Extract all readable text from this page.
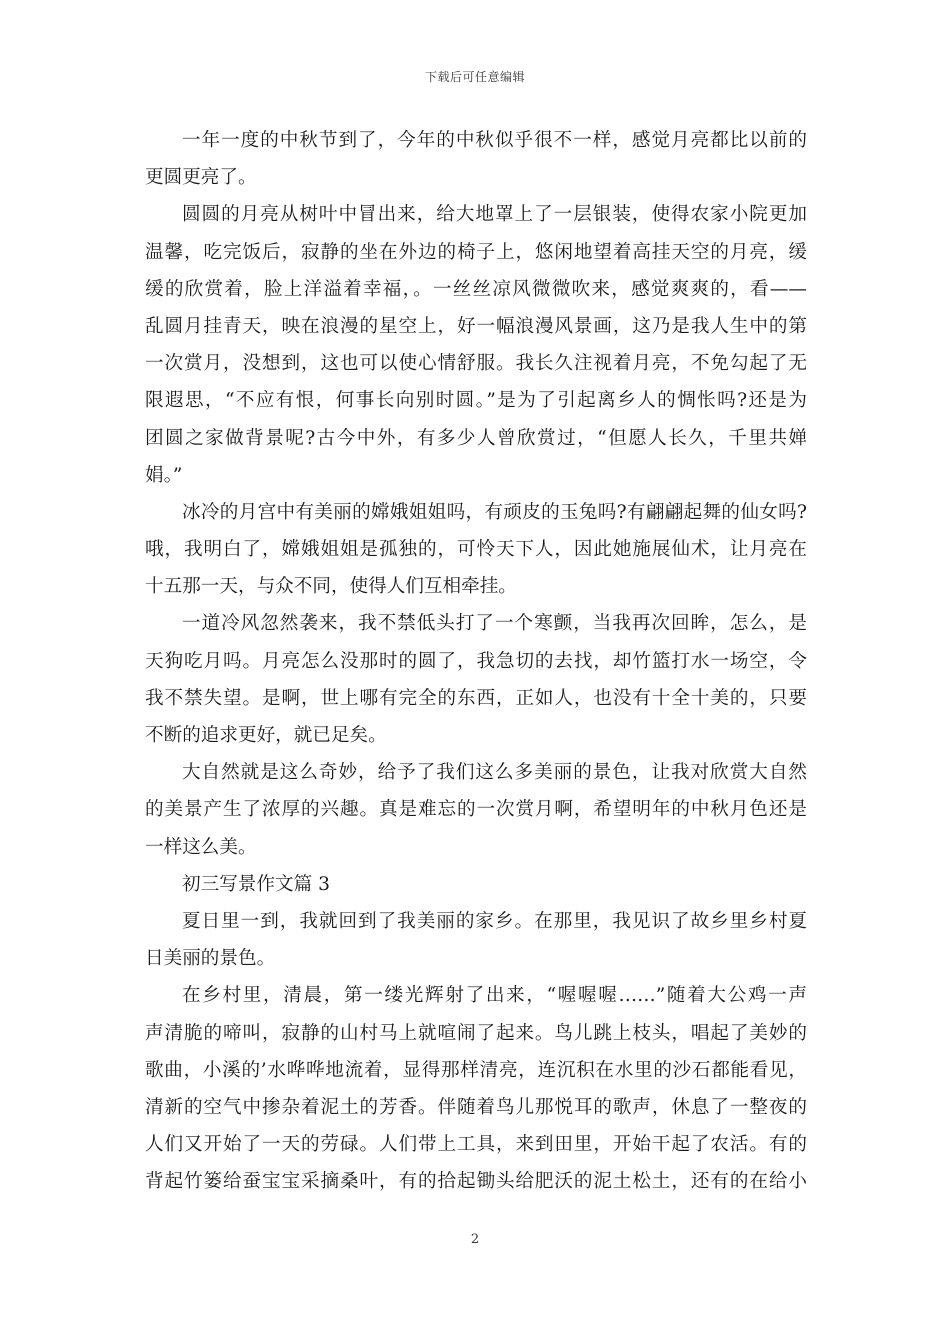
下载后可任意编辑
一年一度的中秋节到了，今年的中秋似乎很不一样，感觉月亮都比以前的
更圆更亮了。
圆圆的月亮从树叶中冒出来，给大地罩上了一层银装，使得农家小院更加
温馨，吃完饭后，寂静的坐在外边的椅子上，悠闲地望着高挂天空的月亮，缓
缓的欣赏着，脸上洋溢着幸福，。一丝丝凉风微微吹来，感觉爽爽的，看——
乱圆月挂青天，映在浪漫的星空上，好一幅浪漫风景画，这乃是我人生中的第
一次赏月，没想到，这也可以使心情舒服。我长久注视着月亮，不免勾起了无
限遐思，“不应有恨，何事长向别时圆。”是为了引起离乡人的惆怅吗?还是为
团圆之家做背景呢?古今中外，有多少人曾欣赏过，“但愿人长久，千里共婵
娟。”
冰冷的月宫中有美丽的嫦娥姐姐吗，有顽皮的玉兔吗?有翩翩起舞的仙女吗?
哦，我明白了，嫦娥姐姐是孤独的，可怜天下人，因此她施展仙术，让月亮在
十五那一天，与众不同，使得人们互相牵挂。
一道冷风忽然袭来，我不禁低头打了一个寒颤，当我再次回眸，怎么，是
天狗吃月吗。月亮怎么没那时的圆了，我急切的去找，却竹篮打水一场空，令
我不禁失望。是啊，世上哪有完全的东西，正如人，也没有十全十美的，只要
不断的追求更好，就已足矣。
大自然就是这么奇妙，给予了我们这么多美丽的景色，让我对欣赏大自然
的美景产生了浓厚的兴趣。真是难忘的一次赏月啊，希望明年的中秋月色还是
一样这么美。
初三写景作文篇 3
夏日里一到，我就回到了我美丽的家乡。在那里，我见识了故乡里乡村夏
日美丽的景色。
在乡村里，清晨，第一缕光辉射了出来，“喔喔喔……”随着大公鸡一声
声清脆的啼叫，寂静的山村马上就喧闹了起来。鸟儿跳上枝头，唱起了美妙的
歌曲，小溪的’水哗哗地流着，显得那样清亮，连沉积在水里的沙石都能看见，
清新的空气中掺杂着泥土的芳香。伴随着鸟儿那悦耳的歌声，休息了一整夜的
人们又开始了一天的劳碌。人们带上工具，来到田里，开始干起了农活。有的
背起竹篓给蚕宝宝采摘桑叶，有的拾起锄头给肥沃的泥土松土，还有的在给小
2
